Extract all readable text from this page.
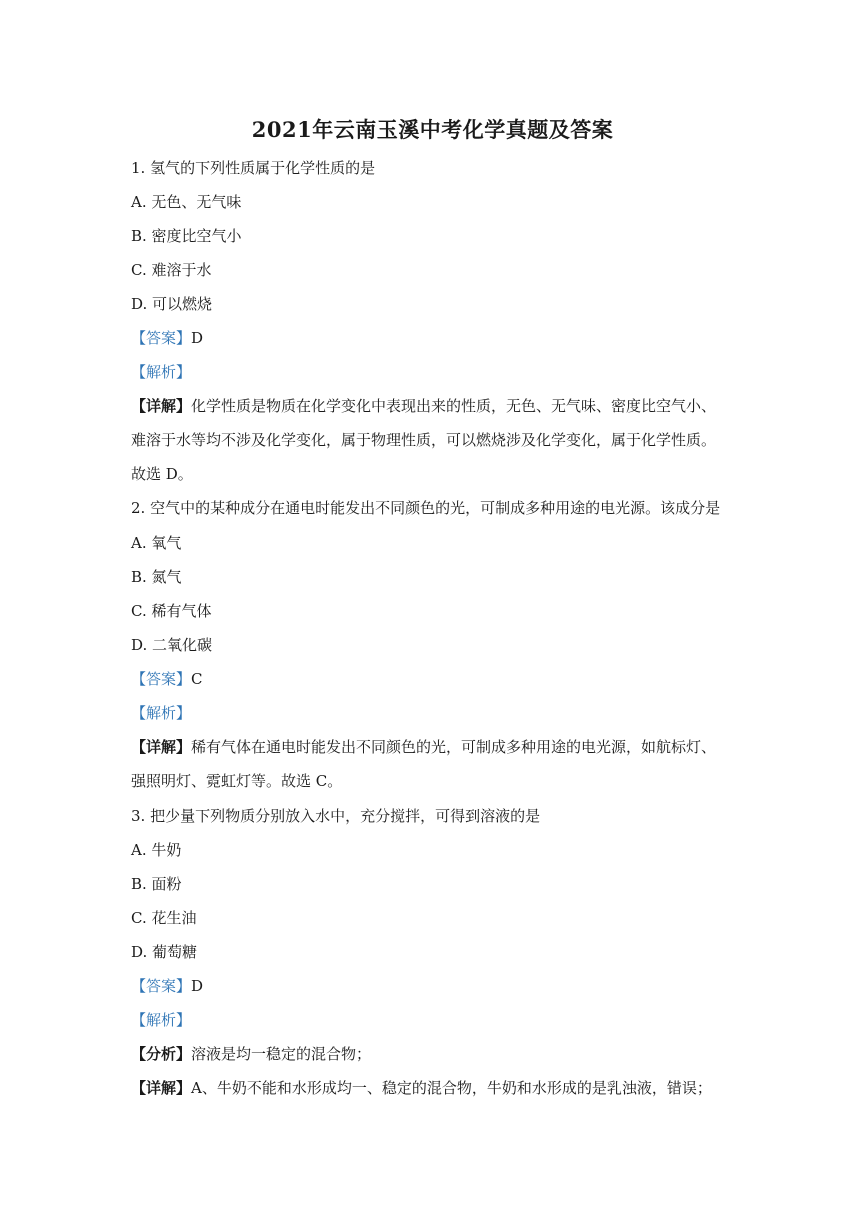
2021年云南玉溪中考化学真题及答案
1. 氢气的下列性质属于化学性质的是
A. 无色、无气味
B. 密度比空气小
C. 难溶于水
D. 可以燃烧
【答案】D
【解析】
【详解】化学性质是物质在化学变化中表现出来的性质，无色、无气味、密度比空气小、
难溶于水等均不涉及化学变化，属于物理性质，可以燃烧涉及化学变化，属于化学性质。
故选 D。
2. 空气中的某种成分在通电时能发出不同颜色的光，可制成多种用途的电光源。该成分是
A. 氧气
B. 氮气
C. 稀有气体
D. 二氧化碳
【答案】C
【解析】
【详解】稀有气体在通电时能发出不同颜色的光，可制成多种用途的电光源，如航标灯、
强照明灯、霓虹灯等。故选 C。
3. 把少量下列物质分别放入水中，充分搅拌，可得到溶液的是
A. 牛奶
B. 面粉
C. 花生油
D. 葡萄糖
【答案】D
【解析】
【分析】溶液是均一稳定的混合物；
【详解】A、牛奶不能和水形成均一、稳定的混合物，牛奶和水形成的是乳浊液，错误；
